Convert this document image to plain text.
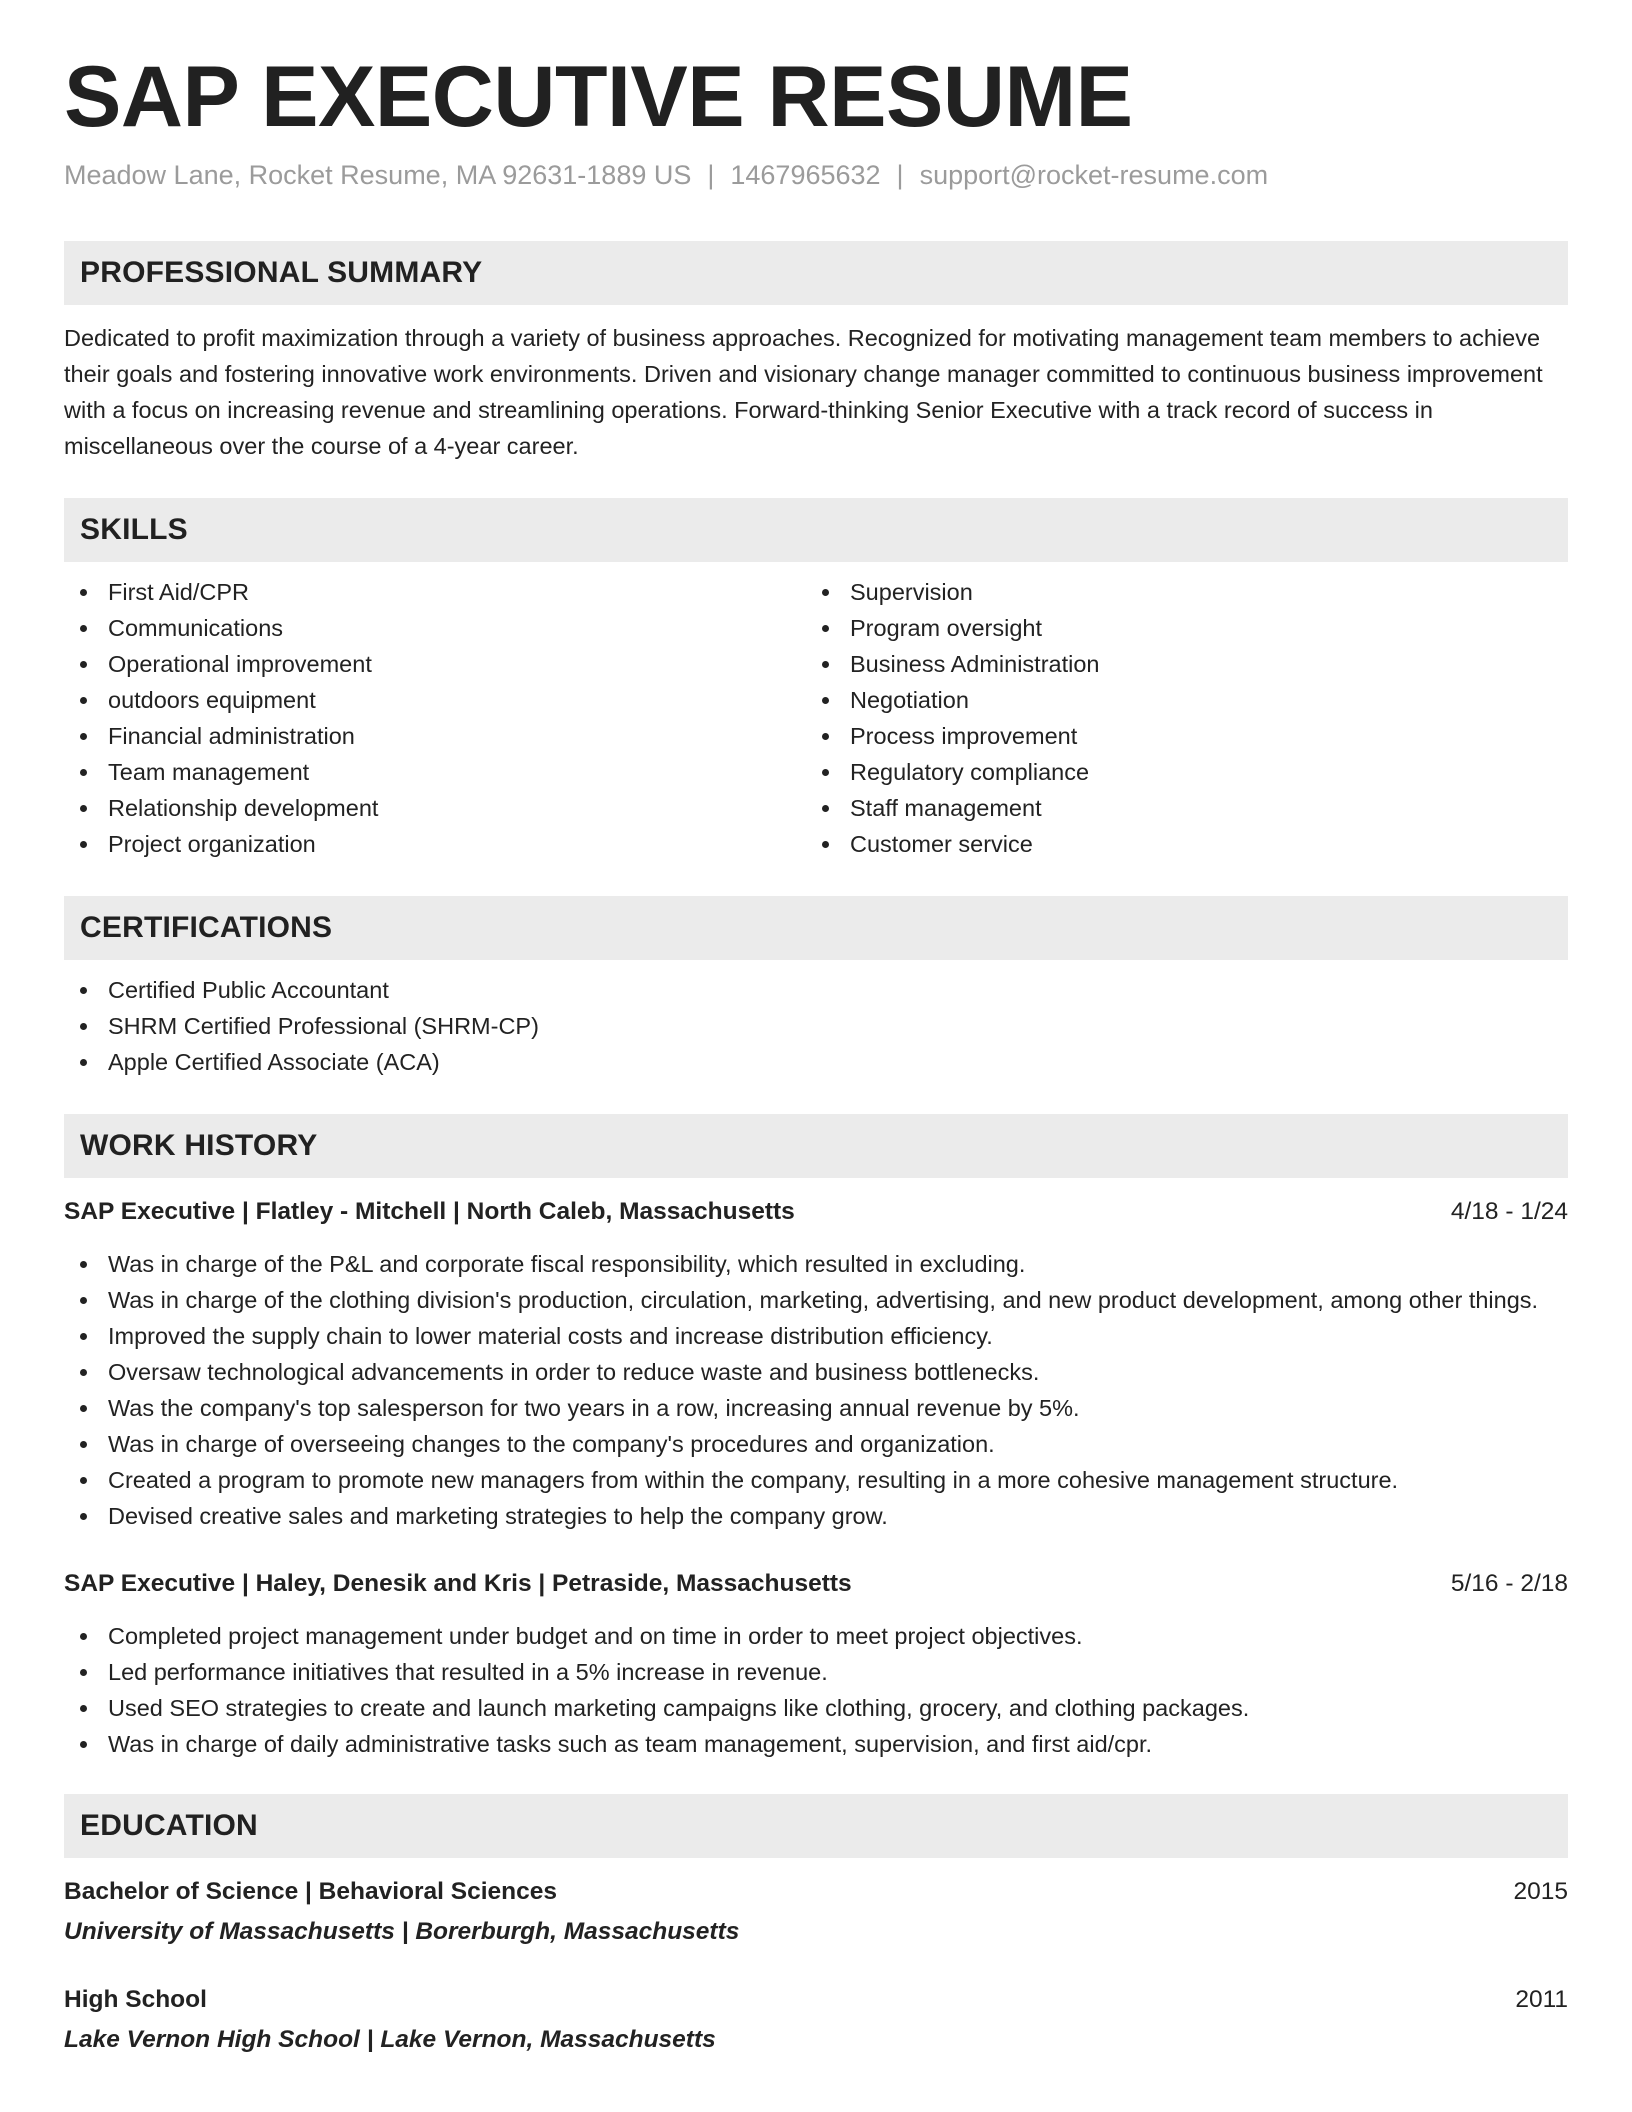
SAP EXECUTIVE RESUME
Meadow Lane, Rocket Resume, MA 92631-1889 US | 1467965632 | support@rocket-resume.com
PROFESSIONAL SUMMARY
Dedicated to profit maximization through a variety of business approaches. Recognized for motivating management team members to achieve their goals and fostering innovative work environments. Driven and visionary change manager committed to continuous business improvement with a focus on increasing revenue and streamlining operations. Forward-thinking Senior Executive with a track record of success in miscellaneous over the course of a 4-year career.
SKILLS
First Aid/CPR
Communications
Operational improvement
outdoors equipment
Financial administration
Team management
Relationship development
Project organization
Supervision
Program oversight
Business Administration
Negotiation
Process improvement
Regulatory compliance
Staff management
Customer service
CERTIFICATIONS
Certified Public Accountant
SHRM Certified Professional (SHRM-CP)
Apple Certified Associate (ACA)
WORK HISTORY
SAP Executive | Flatley - Mitchell | North Caleb, Massachusetts	4/18 - 1/24
Was in charge of the P&L and corporate fiscal responsibility, which resulted in excluding.
Was in charge of the clothing division's production, circulation, marketing, advertising, and new product development, among other things.
Improved the supply chain to lower material costs and increase distribution efficiency.
Oversaw technological advancements in order to reduce waste and business bottlenecks.
Was the company's top salesperson for two years in a row, increasing annual revenue by 5%.
Was in charge of overseeing changes to the company's procedures and organization.
Created a program to promote new managers from within the company, resulting in a more cohesive management structure.
Devised creative sales and marketing strategies to help the company grow.
SAP Executive | Haley, Denesik and Kris | Petraside, Massachusetts	5/16 - 2/18
Completed project management under budget and on time in order to meet project objectives.
Led performance initiatives that resulted in a 5% increase in revenue.
Used SEO strategies to create and launch marketing campaigns like clothing, grocery, and clothing packages.
Was in charge of daily administrative tasks such as team management, supervision, and first aid/cpr.
EDUCATION
Bachelor of Science | Behavioral Sciences	2015
University of Massachusetts | Borerburgh, Massachusetts
High School	2011
Lake Vernon High School | Lake Vernon, Massachusetts
